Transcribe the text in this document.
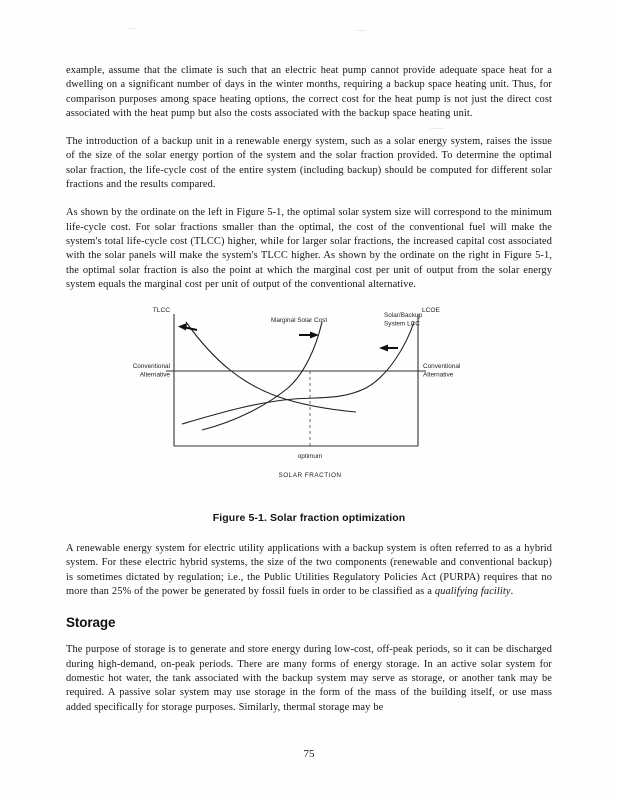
example, assume that the climate is such that an electric heat pump cannot provide adequate space heat for a dwelling on a significant number of days in the winter months, requiring a backup space heating unit. Thus, for comparison purposes among space heating options, the correct cost for the heat pump is not just the direct cost associated with the heat pump but also the costs associated with the backup space heating unit.

The introduction of a backup unit in a renewable energy system, such as a solar energy system, raises the issue of the size of the solar energy portion of the system and the solar fraction provided. To determine the optimal solar fraction, the life-cycle cost of the entire system (including backup) should be computed for different solar fractions and the results compared.

As shown by the ordinate on the left in Figure 5-1, the optimal solar system size will correspond to the minimum life-cycle cost. For solar fractions smaller than the optimal, the cost of the conventional fuel will make the system's total life-cycle cost (TLCC) higher, while for larger solar fractions, the increased capital cost associated with the solar panels will make the system's TLCC higher. As shown by the ordinate on the right in Figure 5-1, the optimal solar fraction is also the point at which the marginal cost per unit of output from the solar energy system equals the marginal cost per unit of output of the conventional alternative.

TLCC	LCOE
Marginal Solar Cost
Solar/Backup
System LCC
Conventional
Alternative
Conventional
Alternative
optimum
SOLAR FRACTION
Figure 5-1. Solar fraction optimization

A renewable energy system for electric utility applications with a backup system is often referred to as a hybrid system. For these electric hybrid systems, the size of the two components (renewable and conventional backup) is sometimes dictated by regulation; i.e., the Public Utilities Regulatory Policies Act (PURPA) requires that no more than 25% of the power be generated by fossil fuels in order to be classified as a qualifying facility.

Storage

The purpose of storage is to generate and store energy during low-cost, off-peak periods, so it can be discharged during high-demand, on-peak periods. There are many forms of energy storage. In an active solar system for domestic hot water, the tank associated with the backup system may serve as storage, or another tank may be required. A passive solar system may use storage in the form of the mass of the building itself, or use mass added specifically for storage purposes. Similarly, thermal storage may be

75
